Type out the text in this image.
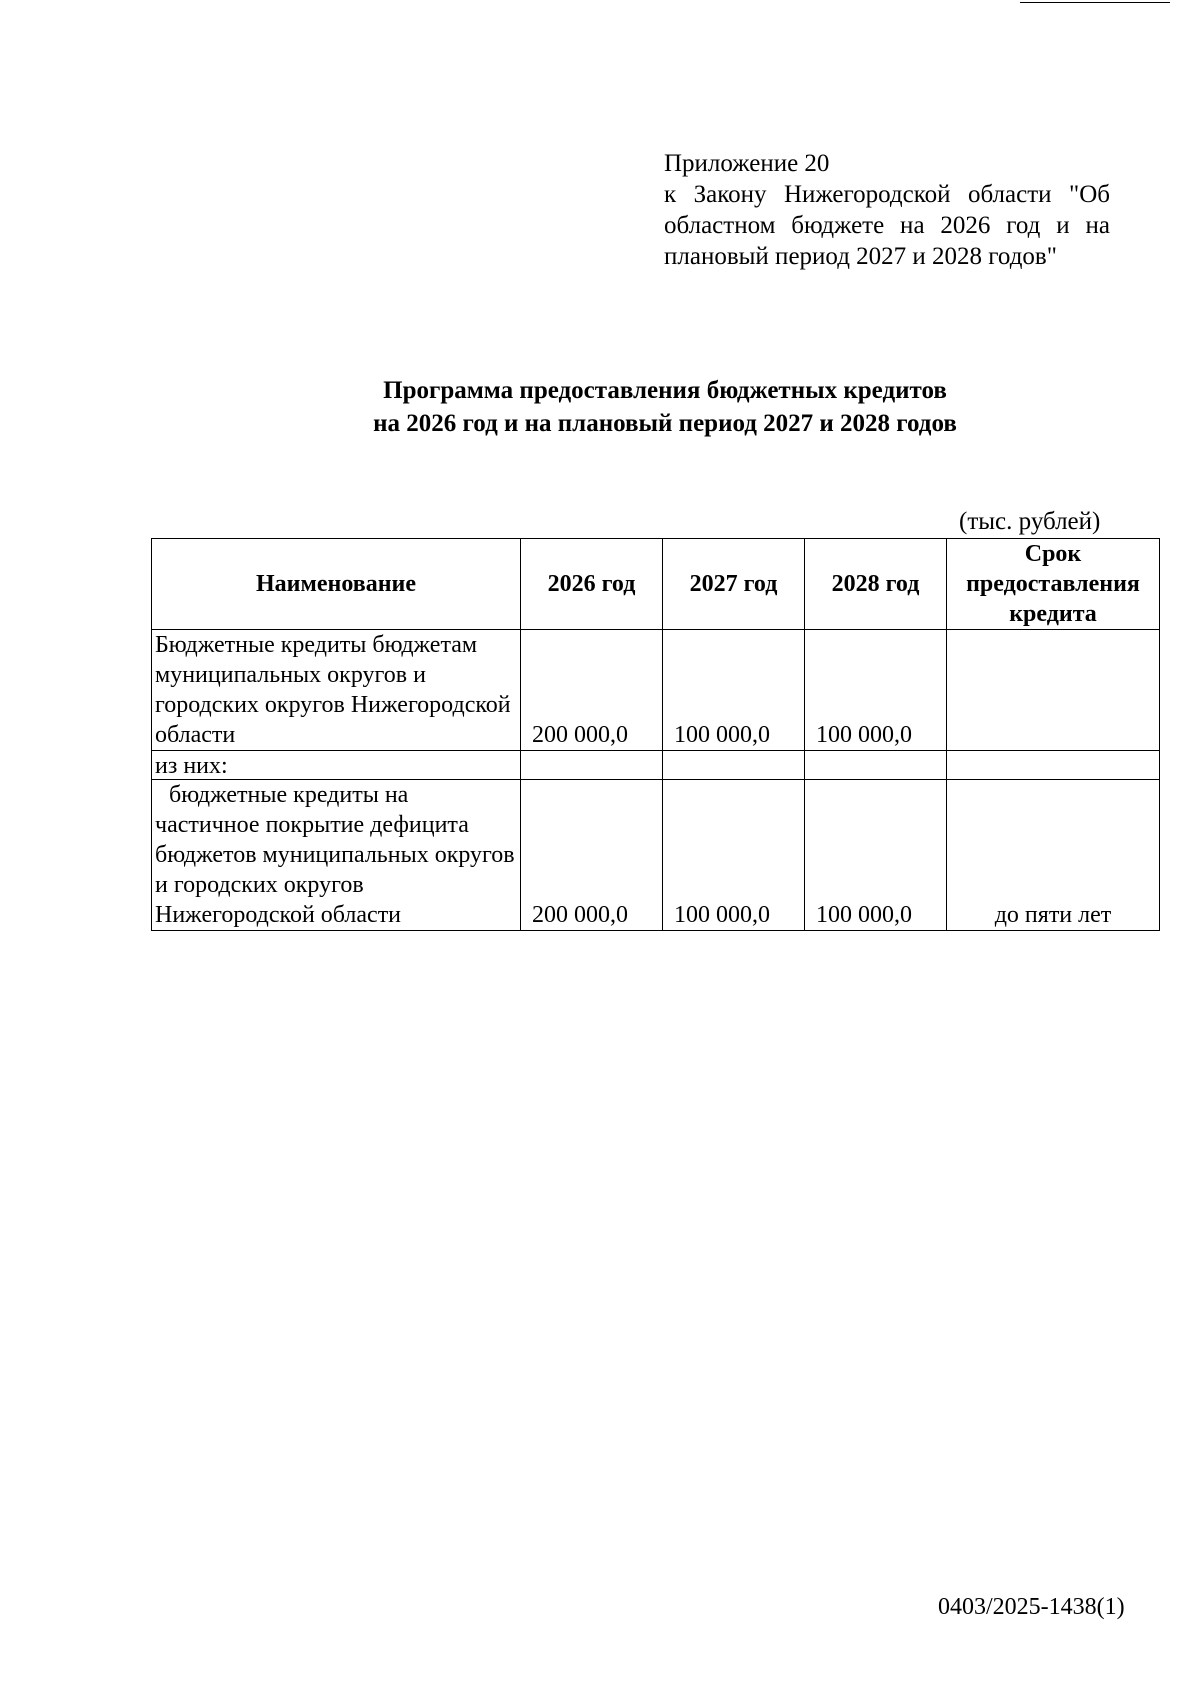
Приложение 20
к Закону Нижегородской области "Об областном бюджете на 2026 год и на плановый период 2027 и 2028 годов"
Программа предоставления бюджетных кредитов
на 2026 год и на плановый период 2027 и 2028 годов
(тыс. рублей)
Наименование	2026 год	2027 год	2028 год	Срок предоставления кредита
Бюджетные кредиты бюджетам муниципальных округов и городских округов Нижегородской области	200 000,0	100 000,0	100 000,0	
из них:				
бюджетные кредиты на частичное покрытие дефицита бюджетов муниципальных округов и городских округов Нижегородской области	200 000,0	100 000,0	100 000,0	до пяти лет
0403/2025-1438(1)
